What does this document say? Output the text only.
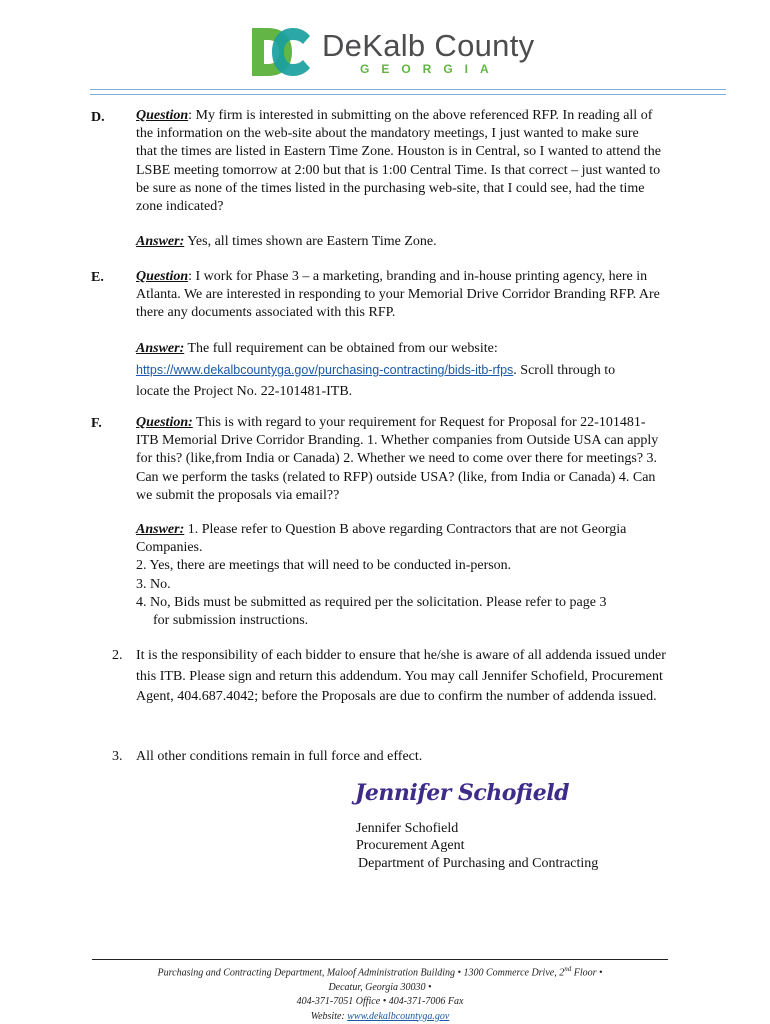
DeKalb County
GEORGIA
D. Question: My firm is interested in submitting on the above referenced RFP. In reading all of the information on the web-site about the mandatory meetings, I just wanted to make sure that the times are listed in Eastern Time Zone. Houston is in Central, so I wanted to attend the LSBE meeting tomorrow at 2:00 but that is 1:00 Central Time. Is that correct – just wanted to be sure as none of the times listed in the purchasing web-site, that I could see, had the time zone indicated?

Answer: Yes, all times shown are Eastern Time Zone.

E. Question: I work for Phase 3 – a marketing, branding and in-house printing agency, here in Atlanta. We are interested in responding to your Memorial Drive Corridor Branding RFP. Are there any documents associated with this RFP.

Answer: The full requirement can be obtained from our website:

https://www.dekalbcountyga.gov/purchasing-contracting/bids-itb-rfps. Scroll through to

locate the Project No. 22-101481-ITB.

F. Question: This is with regard to your requirement for Request for Proposal for 22-101481-ITB Memorial Drive Corridor Branding. 1. Whether companies from Outside USA can apply for this? (like,from India or Canada) 2. Whether we need to come over there for meetings? 3. Can we perform the tasks (related to RFP) outside USA? (like, from India or Canada) 4. Can we submit the proposals via email??

Answer: 1. Please refer to Question B above regarding Contractors that are not Georgia Companies.

2. Yes, there are meetings that will need to be conducted in-person.

3. No.

4. No, Bids must be submitted as required per the solicitation. Please refer to page 3

for submission instructions.

2. It is the responsibility of each bidder to ensure that he/she is aware of all addenda issued under this ITB. Please sign and return this addendum. You may call Jennifer Schofield, Procurement Agent, 404.687.4042; before the Proposals are due to confirm the number of addenda issued.
3. All other conditions remain in full force and effect.
Jennifer Schofield
Jennifer Schofield
Procurement Agent
Department of Purchasing and Contracting
Purchasing and Contracting Department, Maloof Administration Building • 1300 Commerce Drive, 2nd Floor •
Decatur, Georgia 30030 •
404-371-7051 Office • 404-371-7006 Fax
Website: www.dekalbcountyga.gov
